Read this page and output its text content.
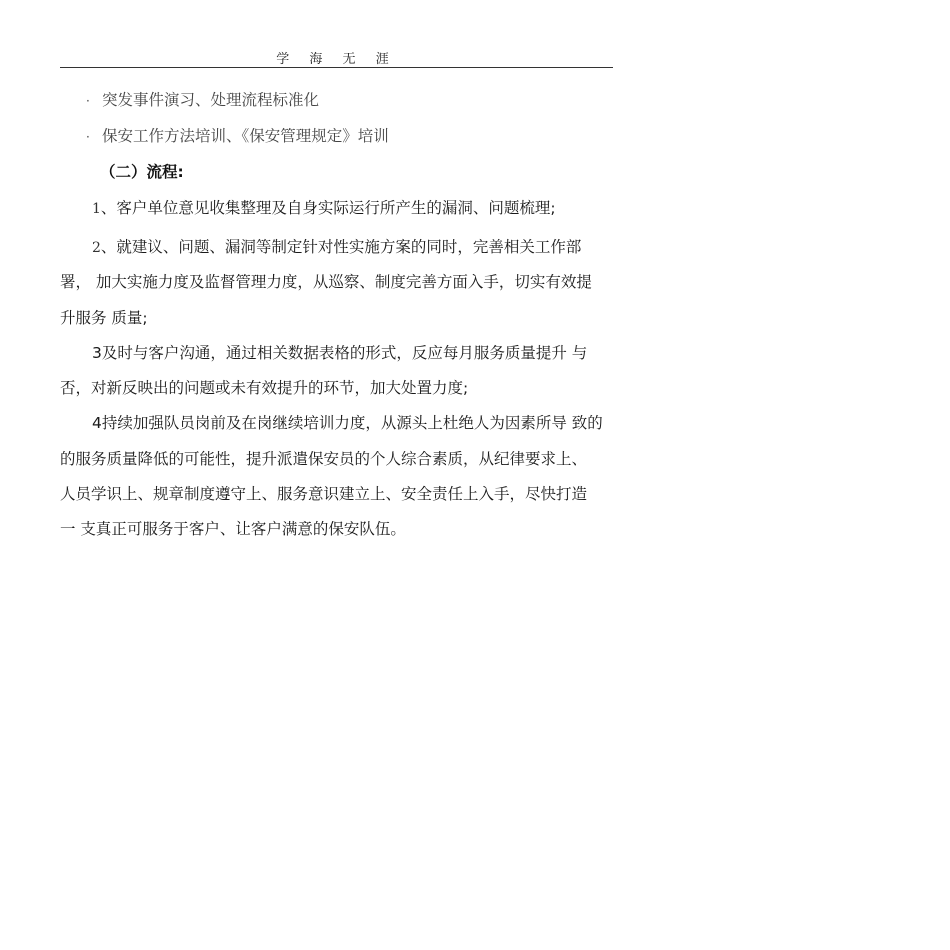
学 海 无 涯
· 突发事件演习、处理流程标准化
· 保安工作方法培训、《保安管理规定》培训
（二）流程:
1、客户单位意见收集整理及自身实际运行所产生的漏洞、问题梳理;
2、就建议、问题、漏洞等制定针对性实施方案的同时，完善相关工作部
署， 加大实施力度及监督管理力度，从巡察、制度完善方面入手，切实有效提
升服务 质量;
3及时与客户沟通，通过相关数据表格的形式，反应每月服务质量提升 与
否，对新反映出的问题或未有效提升的环节，加大处置力度;
4持续加强队员岗前及在岗继续培训力度，从源头上杜绝人为因素所导 致的
的服务质量降低的可能性，提升派遣保安员的个人综合素质，从纪律要求上、
人员学识上、规章制度遵守上、服务意识建立上、安全责任上入手，尽快打造
一 支真正可服务于客户、让客户满意的保安队伍。
